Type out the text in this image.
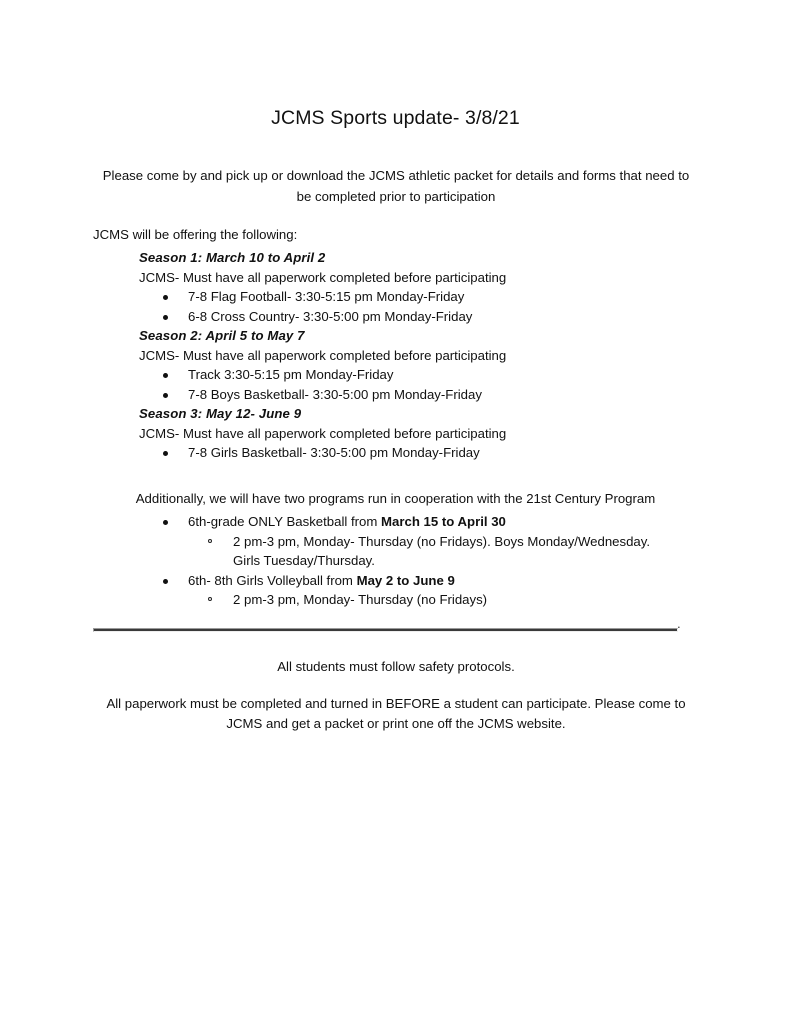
JCMS Sports update- 3/8/21

Please come by and pick up or download the JCMS athletic packet for details and forms that need to be completed prior to participation

JCMS will be offering the following:

Season 1: March 10 to April 2
JCMS- Must have all paperwork completed before participating
7-8 Flag Football- 3:30-5:15 pm Monday-Friday
6-8 Cross Country- 3:30-5:00 pm Monday-Friday
Season 2: April 5 to May 7
JCMS- Must have all paperwork completed before participating
Track 3:30-5:15 pm Monday-Friday
7-8 Boys Basketball- 3:30-5:00 pm Monday-Friday
Season 3: May 12- June 9
JCMS- Must have all paperwork completed before participating
7-8 Girls Basketball- 3:30-5:00 pm Monday-Friday

Additionally, we will have two programs run in cooperation with the 21st Century Program

6th-grade ONLY Basketball from March 15 to April 30
2 pm-3 pm, Monday- Thursday (no Fridays). Boys Monday/Wednesday.
Girls Tuesday/Thursday.
6th- 8th Girls Volleyball from May 2 to June 9
2 pm-3 pm, Monday- Thursday (no Fridays)
.

All students must follow safety protocols.

All paperwork must be completed and turned in BEFORE a student can participate. Please come to JCMS and get a packet or print one off the JCMS website.
